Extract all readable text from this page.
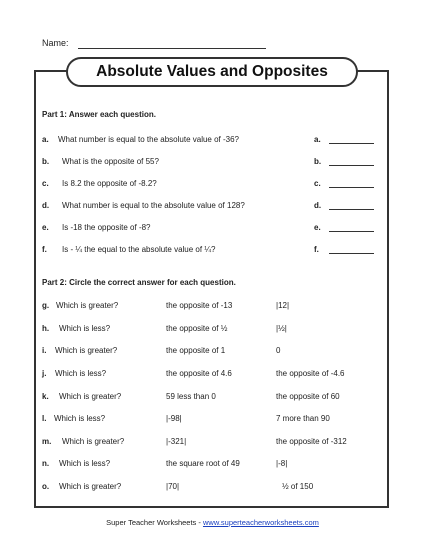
Name:
Absolute Values and Opposites
Part 1: Answer each question.
a. What number is equal to the absolute value of -36?	a.
b. What is the opposite of 55?	b.
c. Is 8.2 the opposite of -8.2?	c.
d. What number is equal to the absolute value of 128?	d.
e. Is -18 the opposite of -8?	e.
f. Is - ¼ the equal to the absolute value of ¼?	f.
Part 2: Circle the correct answer for each question.
g. Which is greater?	the opposite of -13	|12|
h. Which is less?	the opposite of ½	|½|
i. Which is greater?	the opposite of 1	0
j. Which is less?	the opposite of 4.6	the opposite of -4.6
k. Which is greater?	59 less than 0	the opposite of 60
l. Which is less?	|-98|	7 more than 90
m. Which is greater?	|-321|	the opposite of -312
n. Which is less?	the square root of 49	|-8|
o. Which is greater?	|70|	½ of 150
Super Teacher Worksheets - www.superteacherworksheets.com
